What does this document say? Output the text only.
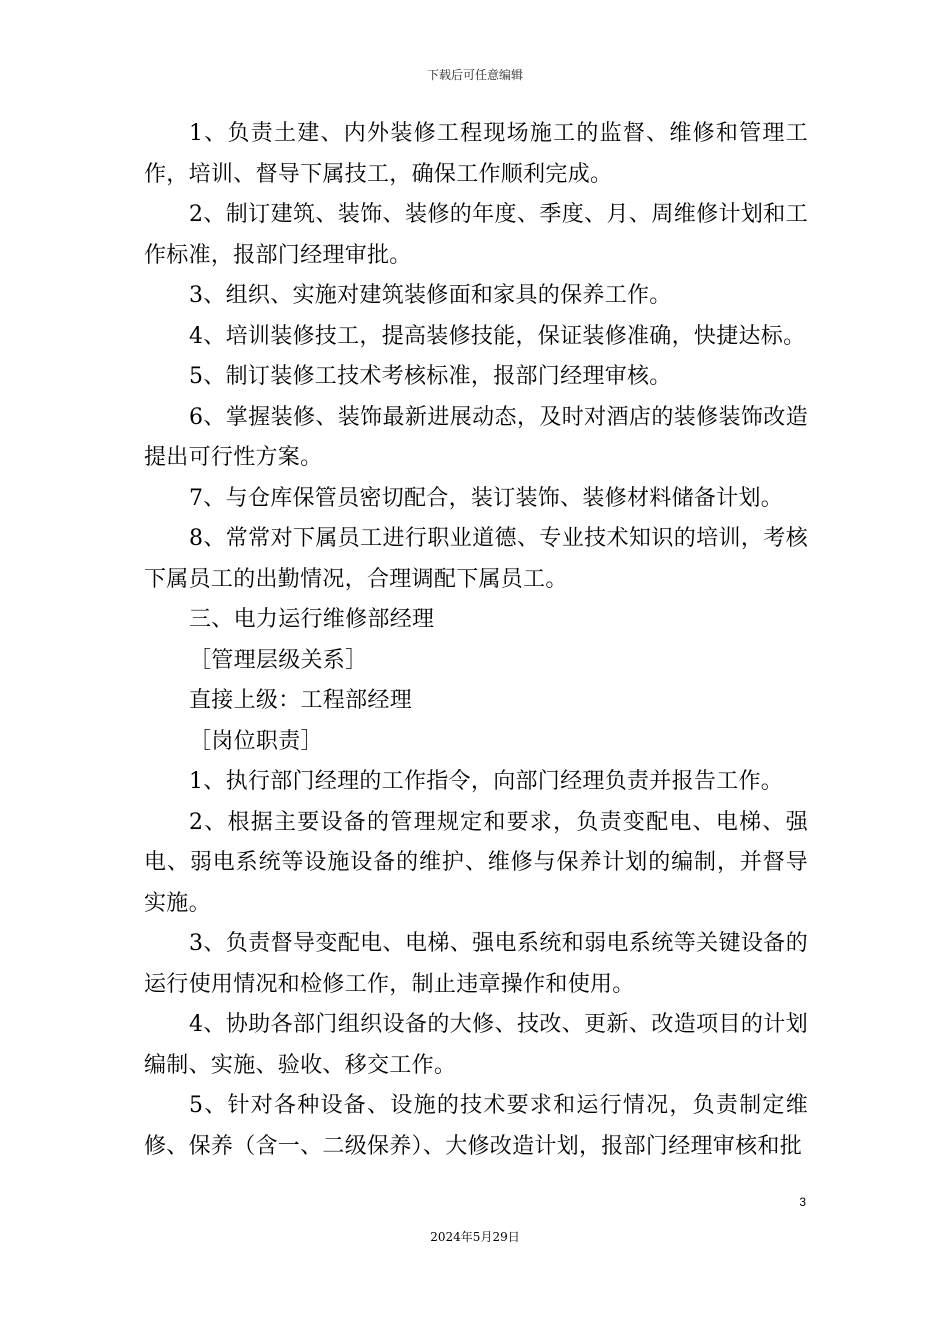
下载后可任意编辑

1、负责土建、内外装修工程现场施工的监督、维修和管理工作，培训、督导下属技工，确保工作顺利完成。

2、制订建筑、装饰、装修的年度、季度、月、周维修计划和工作标准，报部门经理审批。

3、组织、实施对建筑装修面和家具的保养工作。

4、培训装修技工，提高装修技能，保证装修准确，快捷达标。

5、制订装修工技术考核标准，报部门经理审核。

6、掌握装修、装饰最新进展动态，及时对酒店的装修装饰改造提出可行性方案。

7、与仓库保管员密切配合，装订装饰、装修材料储备计划。

8、常常对下属员工进行职业道德、专业技术知识的培训，考核下属员工的出勤情况，合理调配下属员工。

三、电力运行维修部经理

［管理层级关系］

直接上级：工程部经理

［岗位职责］

1、执行部门经理的工作指令，向部门经理负责并报告工作。

2、根据主要设备的管理规定和要求，负责变配电、电梯、强电、弱电系统等设施设备的维护、维修与保养计划的编制，并督导实施。

3、负责督导变配电、电梯、强电系统和弱电系统等关键设备的运行使用情况和检修工作，制止违章操作和使用。

4、协助各部门组织设备的大修、技改、更新、改造项目的计划编制、实施、验收、移交工作。

5、针对各种设备、设施的技术要求和运行情况，负责制定维修、保养（含一、二级保养）、大修改造计划，报部门经理审核和批

3
2024年5月29日
